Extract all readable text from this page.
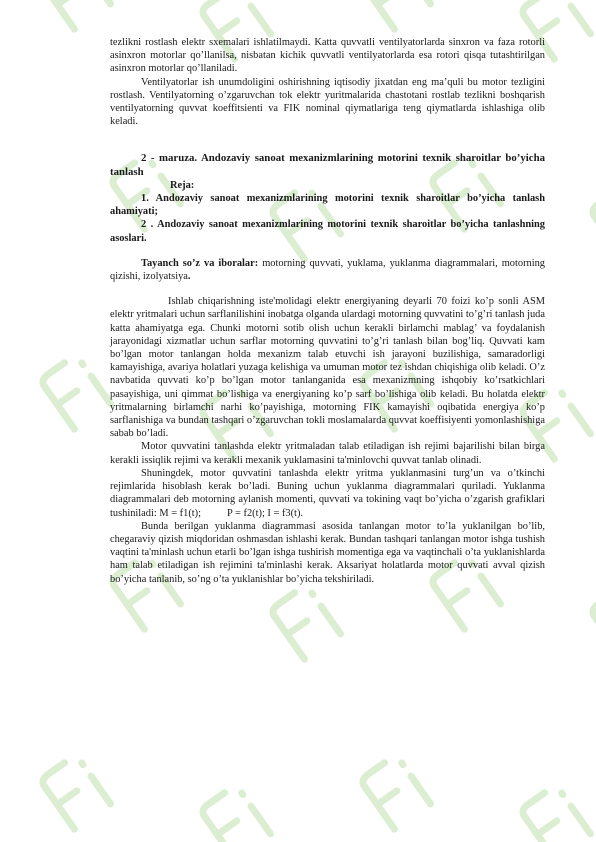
tezlikni rostlash elektr sxemalari ishlatilmaydi. Katta quvvatli ventilyatorlarda sinxron va faza rotorli asinxron motorlar qo’llanilsa, nisbatan kichik quvvatli ventilyatorlarda esa rotori qisqa tutashtirilgan asinxron motorlar qo’llaniladi.

Ventilyatorlar ish unumdoligini oshirishning iqtisodiy jixatdan eng ma’quli bu motor tezligini rostlash. Ventilyatorning o’zgaruvchan tok elektr yuritmalarida chastotani rostlab tezlikni boshqarish ventilyatorning quvvat koeffitsienti va FIK nominal qiymatlariga teng qiymatlarda ishlashiga olib keladi.

2 - maruza. Andozaviy sanoat mexanizmlarining motorini texnik sharoitlar bo’yicha tanlash

Reja:

1. Andozaviy sanoat mexanizmlarining motorini texnik sharoitlar bo’yicha tanlash ahamiyati;

2 . Andozaviy sanoat mexanizmlarining motorini texnik sharoitlar bo’yicha tanlashning asoslari.

Tayanch so’z va iboralar: motorning quvvati, yuklama, yuklanma diagrammalari, motorning qizishi, izolyatsiya.

Ishlab chiqarishning iste'molidagi elektr energiyaning deyarli 70 foizi ko’p sonli ASM elektr yritmalari uchun sarflanilishini inobatga olganda ulardagi motorning quvvatini to’g’ri tanlash juda katta ahamiyatga ega. Chunki motorni sotib olish uchun kerakli birlamchi mablag’ va foydalanish jarayonidagi xizmatlar uchun sarflar motorning quvvatini to’g’ri tanlash bilan bog’liq. Quvvati kam bo’lgan motor tanlangan holda mexanizm talab etuvchi ish jarayoni buzilishiga, samaradorligi kamayishiga, avariya holatlari yuzaga kelishiga va umuman motor tez ishdan chiqishiga olib keladi. O’z navbatida quvvati ko’p bo’lgan motor tanlanganida esa mexanizmning ishqobiy ko’rsatkichlari pasayishiga, uni qimmat bo’lishiga va energiyaning ko’p sarf bo’lishiga olib keladi. Bu holatda elektr yritmalarning birlamchi narhi ko’payishiga, motorning FIK kamayishi oqibatida energiya ko’p sarflanishiga va bundan tashqari o’zgaruvchan tokli moslamalarda quvvat koeffisiyenti yomonlashishiga sabab bo’ladi.

Motor quvvatini tanlashda elektr yritmaladan talab etiladigan ish rejimi bajarilishi bilan birga kerakli issiqlik rejimi va kerakli mexanik yuklamasini ta'minlovchi quvvat tanlab olinadi.

Shuningdek, motor quvvatini tanlashda elektr yritma yuklanmasini turg’un va o’tkinchi rejimlarida hisoblash kerak bo’ladi. Buning uchun yuklanma diagrammalari quriladi. Yuklanma diagrammalari deb motorning aylanish momenti, quvvati va tokining vaqt bo’yicha o’zgarish grafiklari tushiniladi: M = f1(t);	P = f2(t); I = f3(t).

Bunda berilgan yuklanma diagrammasi asosida tanlangan motor to’la yuklanilgan bo’lib, chegaraviy qizish miqdoridan oshmasdan ishlashi kerak. Bundan tashqari tanlangan motor ishga tushish vaqtini ta'minlash uchun etarli bo’lgan ishga tushirish momentiga ega va vaqtinchali o’ta yuklanishlarda ham talab etiladigan ish rejimini ta'minlashi kerak. Aksariyat holatlarda motor quvvati avval qizish bo’yicha tanlanib, so’ng o’ta yuklanishlar bo’yicha tekshiriladi.
